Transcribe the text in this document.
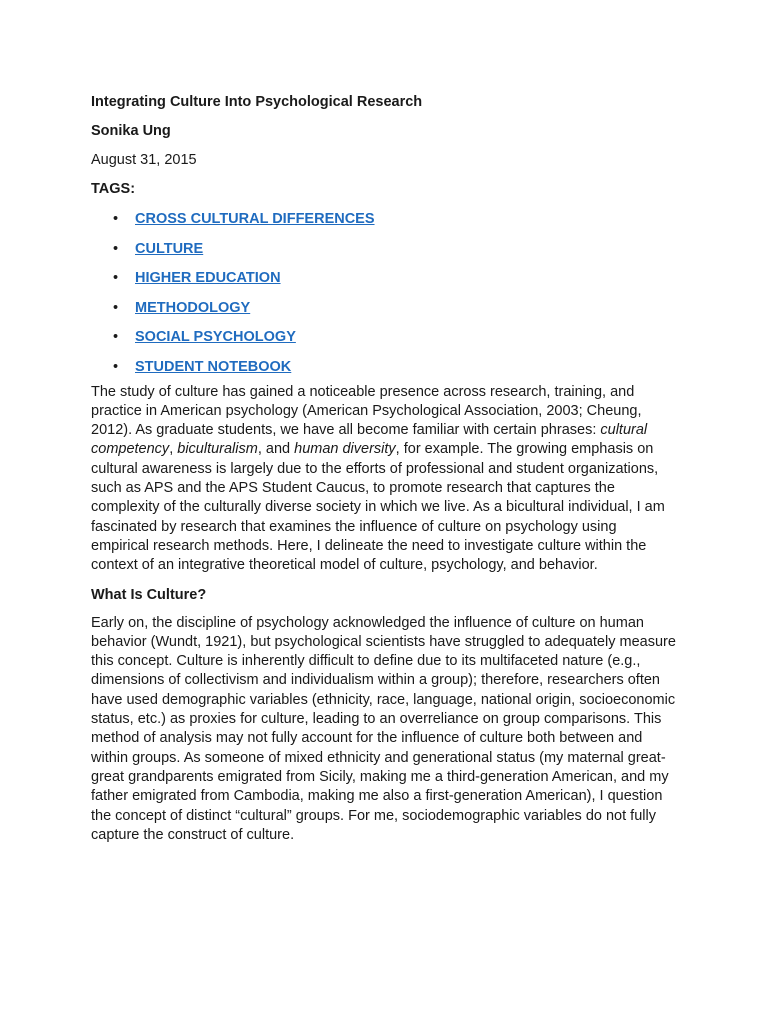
Integrating Culture Into Psychological Research
Sonika Ung
August 31, 2015
TAGS:
• CROSS CULTURAL DIFFERENCES
• CULTURE
• HIGHER EDUCATION
• METHODOLOGY
• SOCIAL PSYCHOLOGY
• STUDENT NOTEBOOK

The study of culture has gained a noticeable presence across research, training, and practice in American psychology (American Psychological Association, 2003; Cheung, 2012). As graduate students, we have all become familiar with certain phrases: cultural competency, biculturalism, and human diversity, for example. The growing emphasis on cultural awareness is largely due to the efforts of professional and student organizations, such as APS and the APS Student Caucus, to promote research that captures the complexity of the culturally diverse society in which we live. As a bicultural individual, I am fascinated by research that examines the influence of culture on psychology using empirical research methods. Here, I delineate the need to investigate culture within the context of an integrative theoretical model of culture, psychology, and behavior.

What Is Culture?

Early on, the discipline of psychology acknowledged the influence of culture on human behavior (Wundt, 1921), but psychological scientists have struggled to adequately measure this concept. Culture is inherently difficult to define due to its multifaceted nature (e.g., dimensions of collectivism and individualism within a group); therefore, researchers often have used demographic variables (ethnicity, race, language, national origin, socioeconomic status, etc.) as proxies for culture, leading to an overreliance on group comparisons. This method of analysis may not fully account for the influence of culture both between and within groups. As someone of mixed ethnicity and generational status (my maternal great-great grandparents emigrated from Sicily, making me a third-generation American, and my father emigrated from Cambodia, making me also a first-generation American), I question the concept of distinct “cultural” groups. For me, sociodemographic variables do not fully capture the construct of culture.
